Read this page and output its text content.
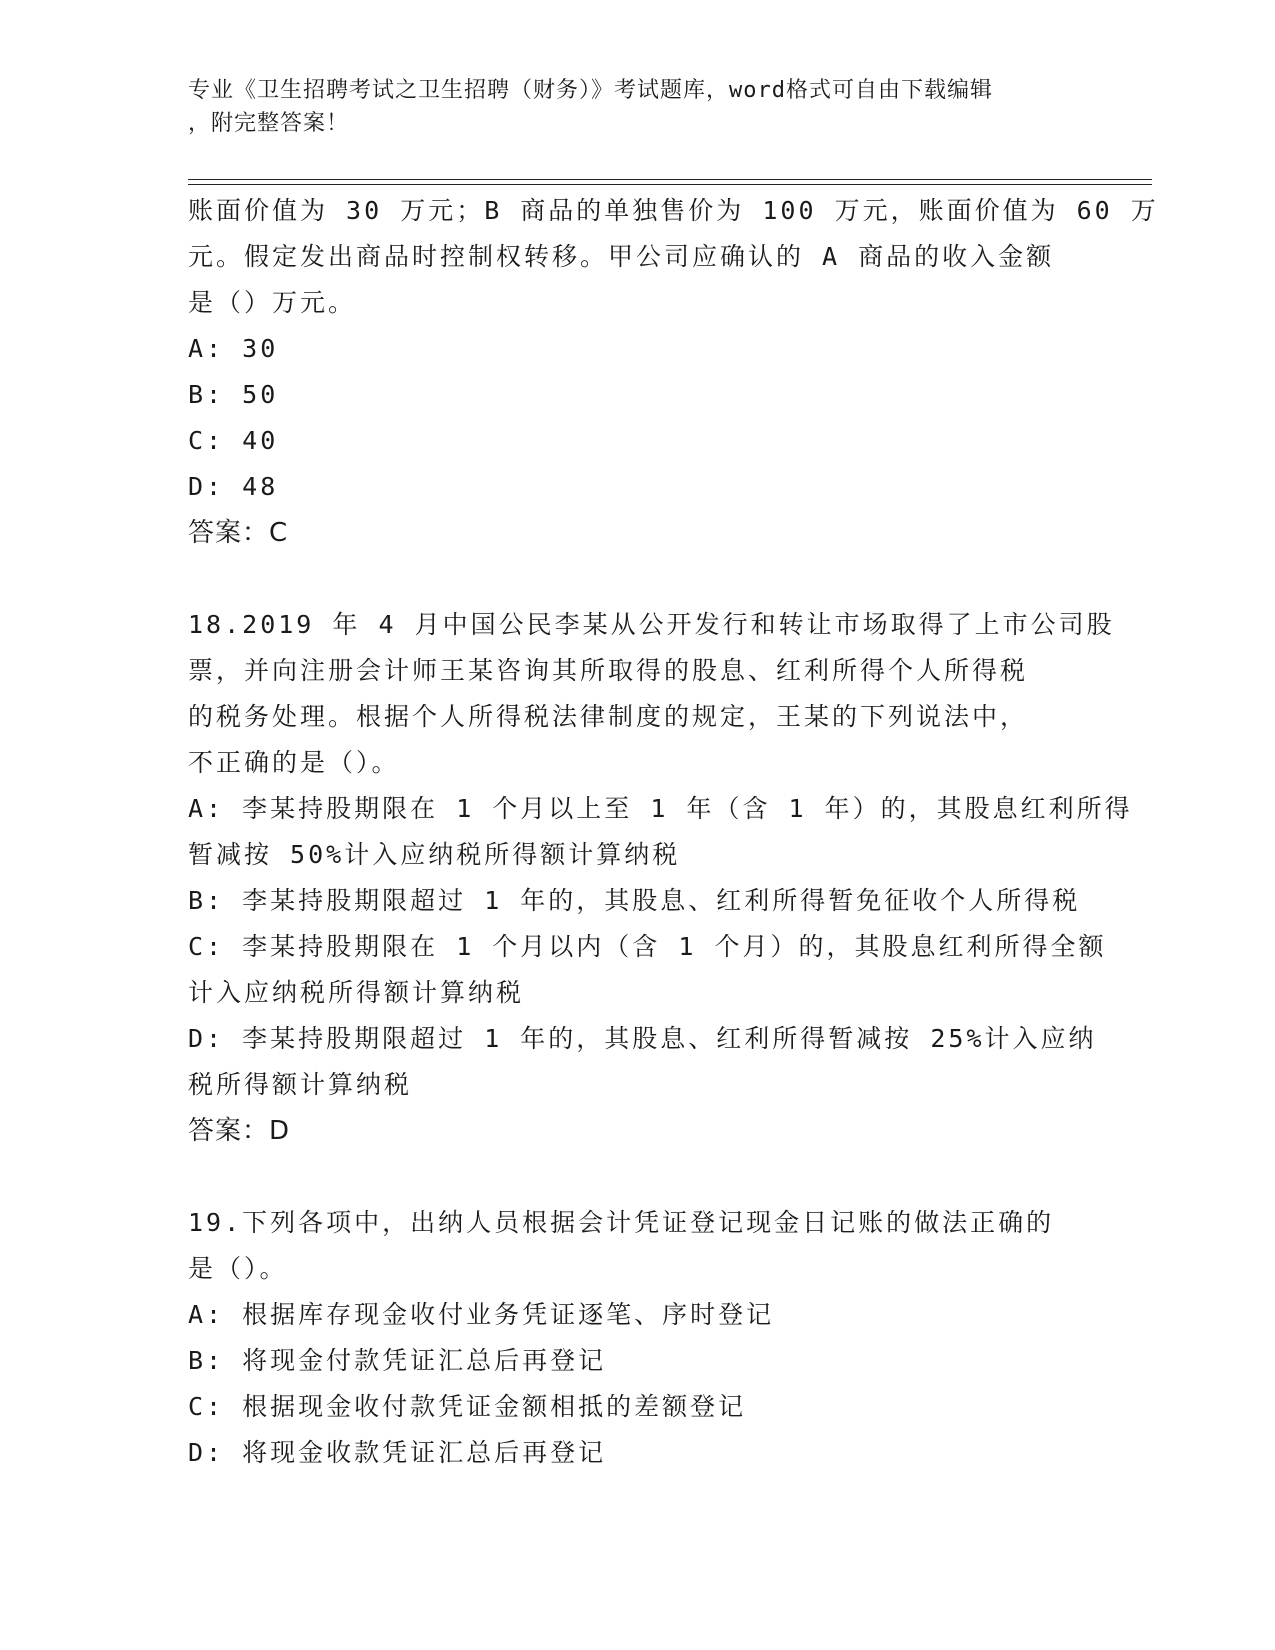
专业《卫生招聘考试之卫生招聘（财务）》考试题库，word格式可自由下载编辑
，附完整答案！
账面价值为 30 万元；B 商品的单独售价为 100 万元，账面价值为 60 万
元。假定发出商品时控制权转移。甲公司应确认的 A 商品的收入金额
是（）万元。
A: 30
B: 50
C: 40
D: 48
答案：C
18.2019 年 4 月中国公民李某从公开发行和转让市场取得了上市公司股
票，并向注册会计师王某咨询其所取得的股息、红利所得个人所得税
的税务处理。根据个人所得税法律制度的规定，王某的下列说法中，
不正确的是（）。
A: 李某持股期限在 1 个月以上至 1 年（含 1 年）的，其股息红利所得
暂减按 50%计入应纳税所得额计算纳税
B: 李某持股期限超过 1 年的，其股息、红利所得暂免征收个人所得税
C: 李某持股期限在 1 个月以内（含 1 个月）的，其股息红利所得全额
计入应纳税所得额计算纳税
D: 李某持股期限超过 1 年的，其股息、红利所得暂减按 25%计入应纳
税所得额计算纳税
答案：D
19.下列各项中，出纳人员根据会计凭证登记现金日记账的做法正确的
是（）。
A: 根据库存现金收付业务凭证逐笔、序时登记
B: 将现金付款凭证汇总后再登记
C: 根据现金收付款凭证金额相抵的差额登记
D: 将现金收款凭证汇总后再登记
